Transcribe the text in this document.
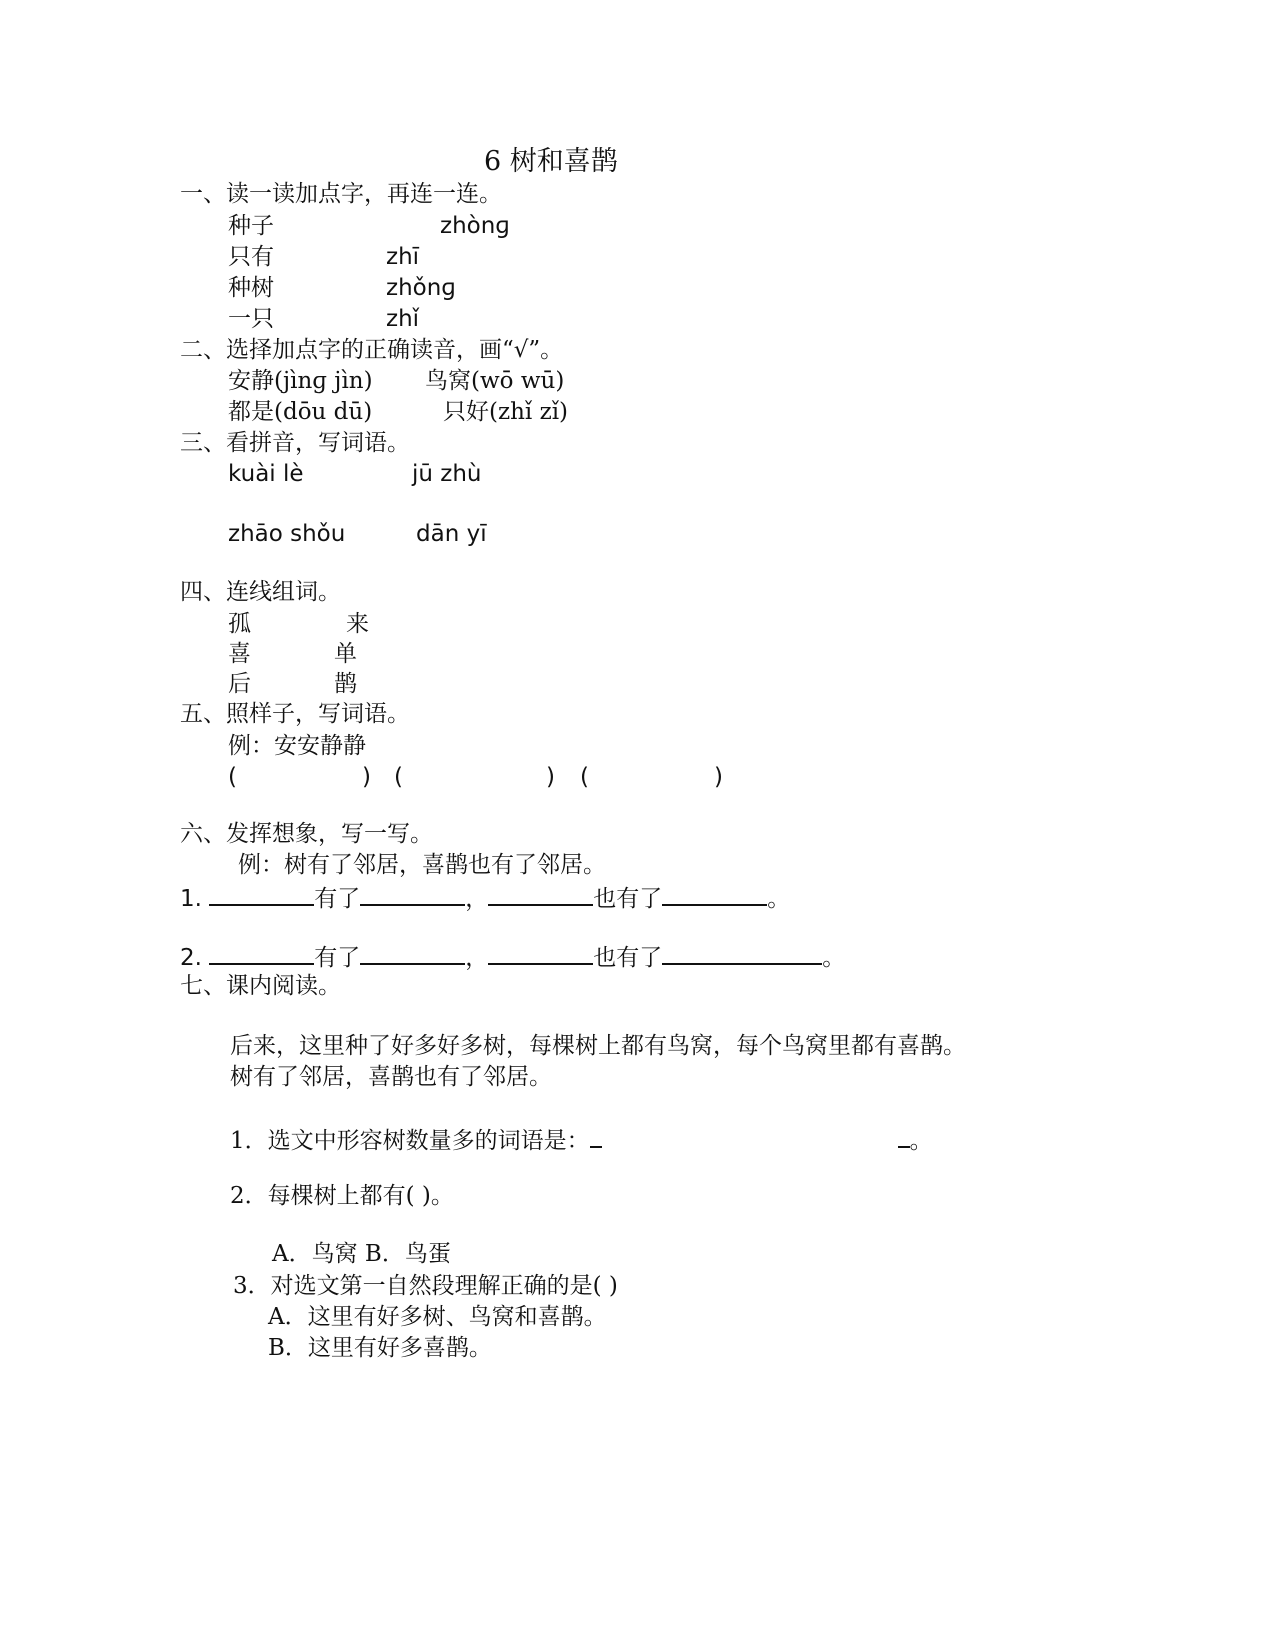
6 树和喜鹊
一、读一读加点字，再连一连。
种子	zhònɡ
只有	zhī
种树	zhǒnɡ
一只	zhǐ
二、选择加点字的正确读音，画“√”。
安静(jìnɡ jìn) 鸟窝(wō wū)
都是(dōu dū)	只好(zhǐ zǐ)
三、看拼音，写词语。
kuài lè	jū zhù
zhāo shǒu	dān yī
四、连线组词。
孤	来
喜	单
后	鹊
五、照样子，写词语。
例：安安静静
(	) (	) (	)
六、发挥想象，写一写。
例：树有了邻居，喜鹊也有了邻居。
1.	有了	，	也有了	。
2.	有了	，	也有了	。
七、课内阅读。
后来，这里种了好多好多树，每棵树上都有鸟窝，每个鸟窝里都有喜鹊。
树有了邻居，喜鹊也有了邻居。
1．选文中形容树数量多的词语是：	。
2．每棵树上都有( )。
A．鸟窝 B．鸟蛋
3．对选文第一自然段理解正确的是( )
A．这里有好多树、鸟窝和喜鹊。
B．这里有好多喜鹊。
